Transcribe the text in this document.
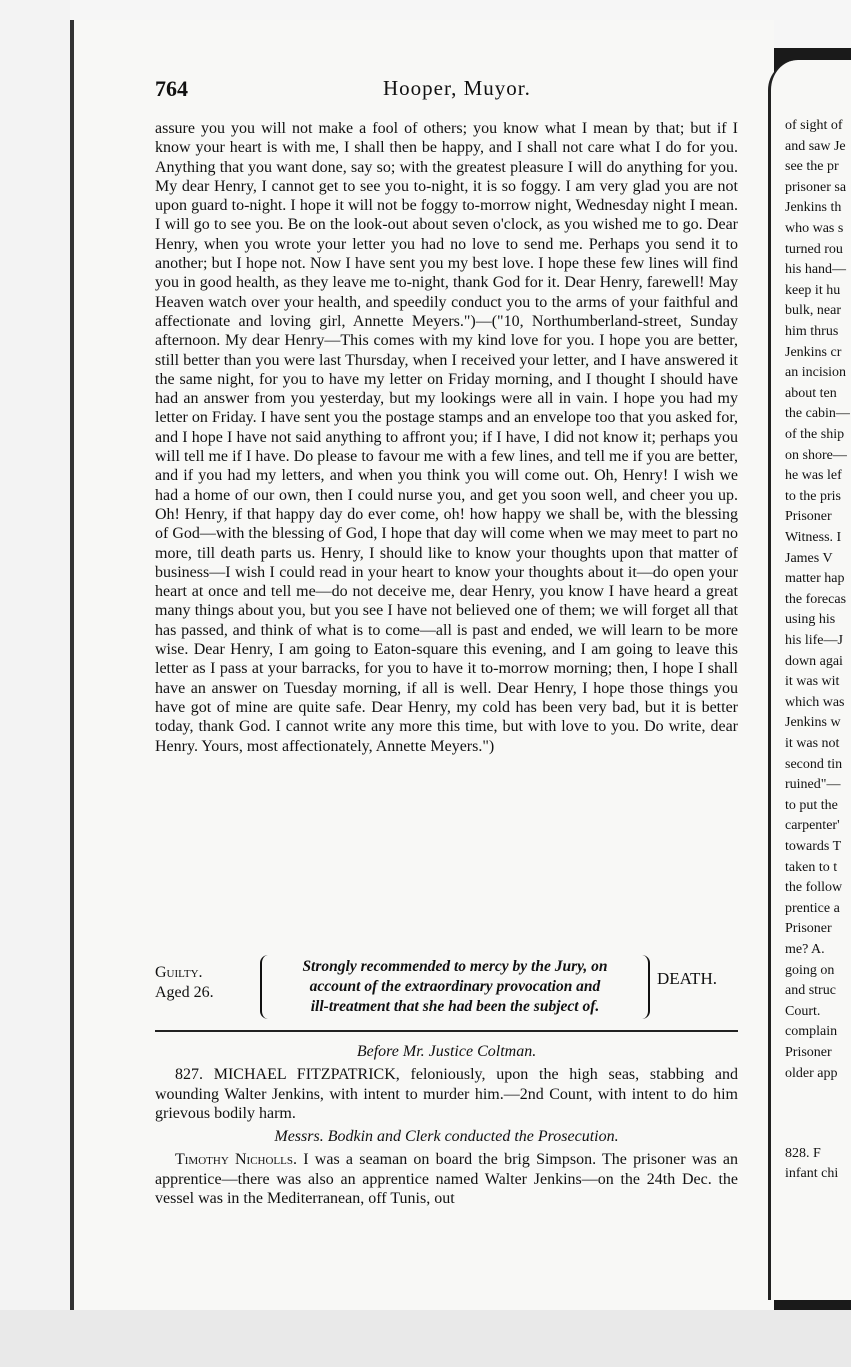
of sight of
and saw Je
see the pr
prisoner sa
Jenkins th
who was s
turned rou
his hand—
keep it hu
bulk, near
him thrus
Jenkins cr
an incision
about ten
the cabin—
of the ship
on shore—
he was lef
to the pris
Prisoner
Witness. I
James V
matter hap
the forecas
using his
his life—J
down agai
it was wit
which was
Jenkins w
it was not
second tin
ruined"—
to put the
carpenter'
towards T
taken to t
the follow
prentice a
Prisoner
me? A.
going on
and struc
Court.
complain
Prisoner
older app
828. F
infant chi
764	Hooper, Muyor.

assure you you will not make a fool of others; you know what I mean by that; but if I know your heart is with me, I shall then be happy, and I shall not care what I do for you. Anything that you want done, say so; with the greatest pleasure I will do anything for you. My dear Henry, I cannot get to see you to-night, it is so foggy. I am very glad you are not upon guard to-night. I hope it will not be foggy to-morrow night, Wednesday night I mean. I will go to see you. Be on the look-out about seven o'clock, as you wished me to go. Dear Henry, when you wrote your letter you had no love to send me. Perhaps you send it to another; but I hope not. Now I have sent you my best love. I hope these few lines will find you in good health, as they leave me to-night, thank God for it. Dear Henry, farewell! May Heaven watch over your health, and speedily conduct you to the arms of your faithful and affectionate and loving girl, Annette Meyers.")—("10, Northumberland-street, Sunday afternoon. My dear Henry—This comes with my kind love for you. I hope you are better, still better than you were last Thursday, when I received your letter, and I have answered it the same night, for you to have my letter on Friday morning, and I thought I should have had an answer from you yesterday, but my lookings were all in vain. I hope you had my letter on Friday. I have sent you the postage stamps and an envelope too that you asked for, and I hope I have not said anything to affront you; if I have, I did not know it; perhaps you will tell me if I have. Do please to favour me with a few lines, and tell me if you are better, and if you had my letters, and when you think you will come out. Oh, Henry! I wish we had a home of our own, then I could nurse you, and get you soon well, and cheer you up. Oh! Henry, if that happy day do ever come, oh! how happy we shall be, with the blessing of God—with the blessing of God, I hope that day will come when we may meet to part no more, till death parts us. Henry, I should like to know your thoughts upon that matter of business—I wish I could read in your heart to know your thoughts about it—do open your heart at once and tell me—do not deceive me, dear Henry, you know I have heard a great many things about you, but you see I have not believed one of them; we will forget all that has passed, and think of what is to come—all is past and ended, we will learn to be more wise. Dear Henry, I am going to Eaton-square this evening, and I am going to leave this letter as I pass at your barracks, for you to have it to-morrow morning; then, I hope I shall have an answer on Tuesday morning, if all is well. Dear Henry, I hope those things you have got of mine are quite safe. Dear Henry, my cold has been very bad, but it is better today, thank God. I cannot write any more this time, but with love to you. Do write, dear Henry. Yours, most affectionately, Annette Meyers.")

Guilty.
Aged 26.
Strongly recommended to mercy by the Jury, on
account of the extraordinary provocation and
ill-treatment that she had been the subject of.
DEATH.
Before Mr. Justice Coltman.

827. MICHAEL FITZPATRICK, feloniously, upon the high seas, stabbing and wounding Walter Jenkins, with intent to murder him.—2nd Count, with intent to do him grievous bodily harm.

Messrs. Bodkin and Clerk conducted the Prosecution.

Timothy Nicholls. I was a seaman on board the brig Simpson. The prisoner was an apprentice—there was also an apprentice named Walter Jenkins—on the 24th Dec. the vessel was in the Mediterranean, off Tunis, out
